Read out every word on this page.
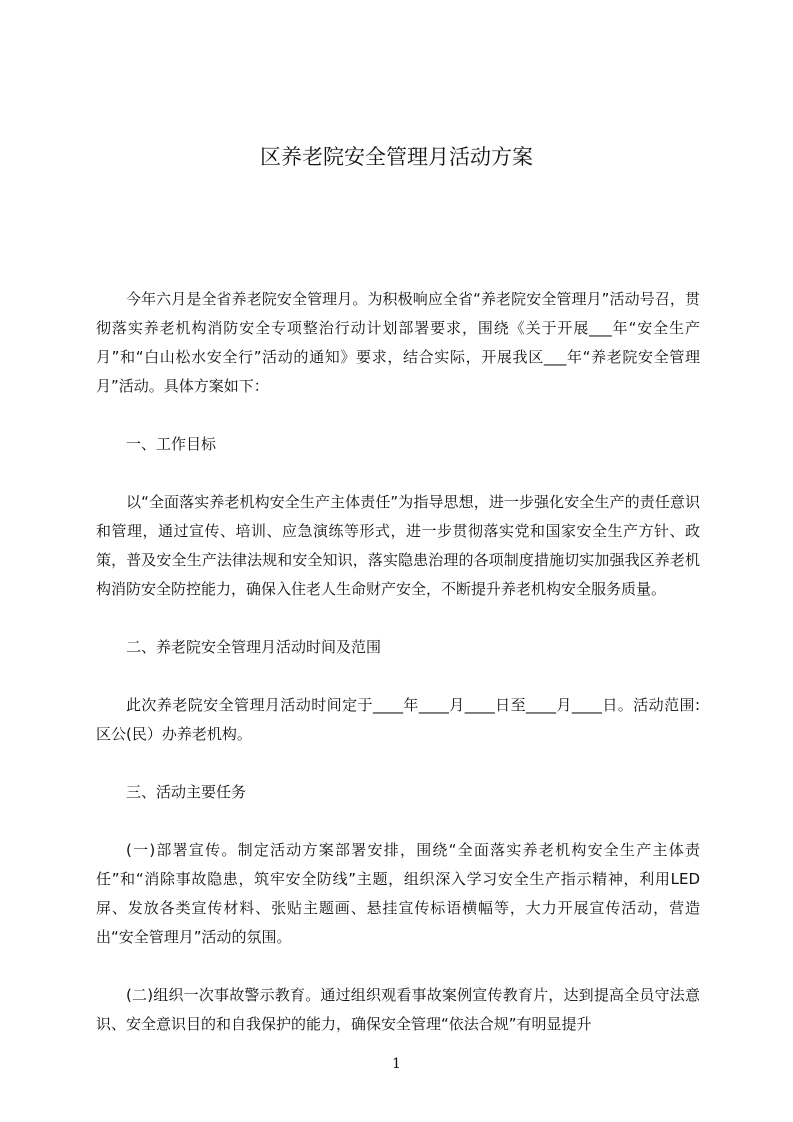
区养老院安全管理月活动方案

今年六月是全省养老院安全管理月。为积极响应全省“养老院安全管理月”活动号召，贯彻落实养老机构消防安全专项整治行动计划部署要求，围绕《关于开展___年“安全生产月”和“白山松水安全行”活动的通知》要求，结合实际，开展我区___年“养老院安全管理月”活动。具体方案如下：

一、工作目标

以“全面落实养老机构安全生产主体责任”为指导思想，进一步强化安全生产的责任意识和管理，通过宣传、培训、应急演练等形式，进一步贯彻落实党和国家安全生产方针、政策，普及安全生产法律法规和安全知识，落实隐患治理的各项制度措施切实加强我区养老机构消防安全防控能力，确保入住老人生命财产安全，不断提升养老机构安全服务质量。

二、养老院安全管理月活动时间及范围

此次养老院安全管理月活动时间定于____年____月____日至____月____日。活动范围:区公(民）办养老机构。

三、活动主要任务

(一)部署宣传。制定活动方案部署安排，围绕“全面落实养老机构安全生产主体责任”和“消除事故隐患，筑牢安全防线”主题，组织深入学习安全生产指示精神，利用LED屏、发放各类宣传材料、张贴主题画、悬挂宣传标语横幅等，大力开展宣传活动，营造出“安全管理月”活动的氛围。

(二)组织一次事故警示教育。通过组织观看事故案例宣传教育片，达到提高全员守法意识、安全意识目的和自我保护的能力，确保安全管理“依法合规”有明显提升

1
